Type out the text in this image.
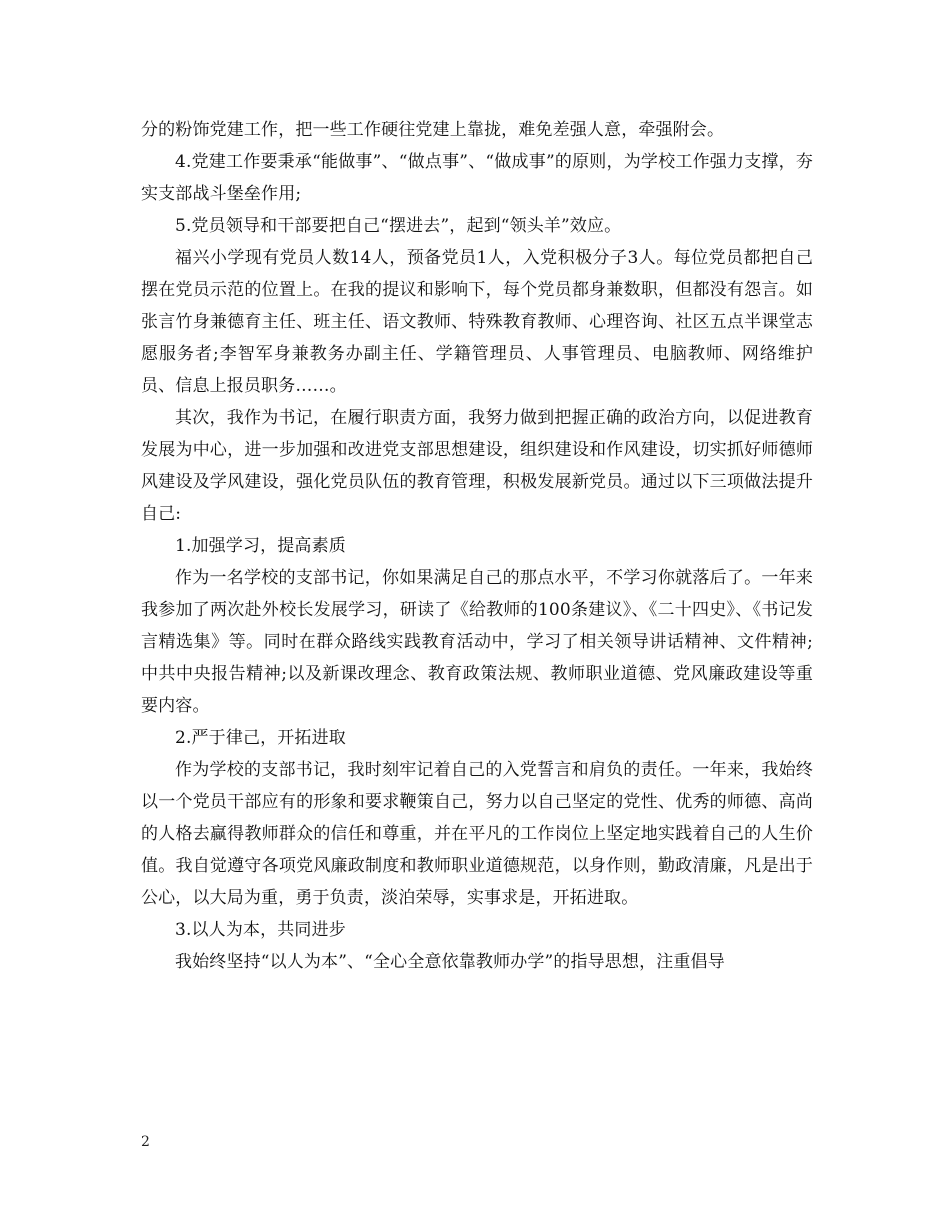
分的粉饰党建工作，把一些工作硬往党建上靠拢，难免差强人意，牵强附会。

4.党建工作要秉承“能做事”、“做点事”、“做成事”的原则，为学校工作强力支撑，夯实支部战斗堡垒作用;

5.党员领导和干部要把自己“摆进去”，起到“领头羊”效应。

福兴小学现有党员人数14人，预备党员1人，入党积极分子3人。每位党员都把自己摆在党员示范的位置上。在我的提议和影响下，每个党员都身兼数职，但都没有怨言。如张言竹身兼德育主任、班主任、语文教师、特殊教育教师、心理咨询、社区五点半课堂志愿服务者;李智军身兼教务办副主任、学籍管理员、人事管理员、电脑教师、网络维护员、信息上报员职务……。

其次，我作为书记，在履行职责方面，我努力做到把握正确的政治方向，以促进教育发展为中心，进一步加强和改进党支部思想建设，组织建设和作风建设，切实抓好师德师风建设及学风建设，强化党员队伍的教育管理，积极发展新党员。通过以下三项做法提升自己:

1.加强学习，提高素质

作为一名学校的支部书记，你如果满足自己的那点水平，不学习你就落后了。一年来我参加了两次赴外校长发展学习，研读了《给教师的100条建议》、《二十四史》、《书记发言精选集》等。同时在群众路线实践教育活动中，学习了相关领导讲话精神、文件精神;中共中央报告精神;以及新课改理念、教育政策法规、教师职业道德、党风廉政建设等重要内容。

2.严于律己，开拓进取

作为学校的支部书记，我时刻牢记着自己的入党誓言和肩负的责任。一年来，我始终以一个党员干部应有的形象和要求鞭策自己，努力以自己坚定的党性、优秀的师德、高尚的人格去赢得教师群众的信任和尊重，并在平凡的工作岗位上坚定地实践着自己的人生价值。我自觉遵守各项党风廉政制度和教师职业道德规范，以身作则，勤政清廉，凡是出于公心，以大局为重，勇于负责，淡泊荣辱，实事求是，开拓进取。

3.以人为本，共同进步

我始终坚持“以人为本”、“全心全意依靠教师办学”的指导思想，注重倡导

2
